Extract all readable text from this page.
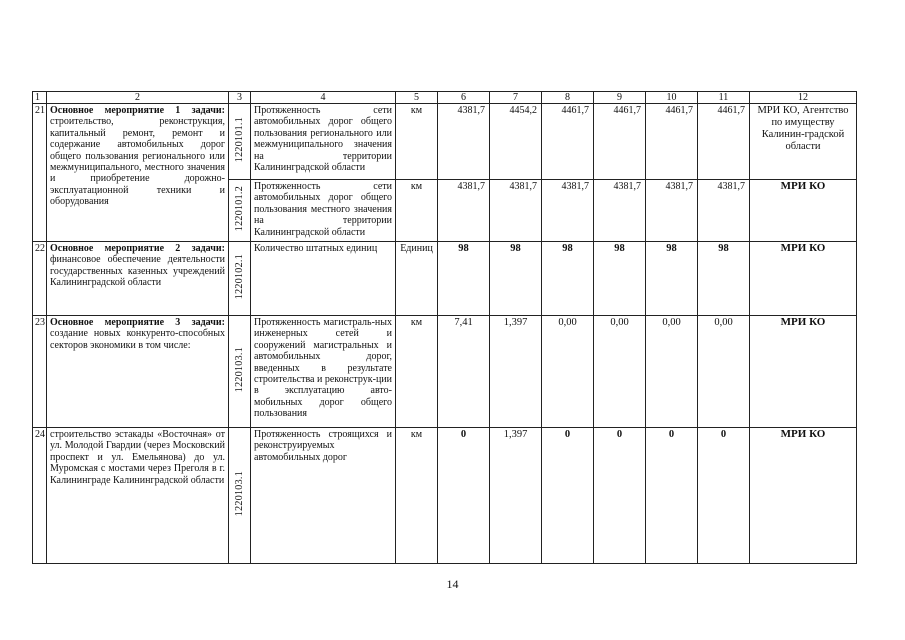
1	2	3	4	5	6	7	8	9	10	11	12
21	Основное мероприятие 1 задачи: строительство, реконструкция, капитальный ремонт, ремонт и содержание автомобильных дорог общего пользования регионального или межмуниципального, местного значения и приобретение дорожно-эксплуатационной техники и оборудования	1220101.1	Протяженность сети автомобильных дорог общего пользования регионального или межмуниципального значения на территории Калининградской области	км	4381,7	4454,2	4461,7	4461,7	4461,7	4461,7	МРИ КО, Агентство по имуществу Калинин-градской области
		1220101.2	Протяженность сети автомобильных дорог общего пользования местного значения на территории Калининградской области	км	4381,7	4381,7	4381,7	4381,7	4381,7	4381,7	МРИ КО
22	Основное мероприятие 2 задачи: финансовое обеспечение деятельности государственных казенных учреждений Калининградской области	1220102.1	Количество штатных единиц	Единиц	98	98	98	98	98	98	МРИ КО
23	Основное мероприятие 3 задачи: создание новых конкуренто-способных секторов экономики в том числе:	1220103.1	Протяженность магистраль-ных инженерных сетей и сооружений магистральных и автомобильных дорог, введенных в результате строительства и реконструк-ции в эксплуатацию авто-мобильных дорог общего пользования	км	7,41	1,397	0,00	0,00	0,00	0,00	МРИ КО
24	строительство эстакады «Восточная» от ул. Молодой Гвардии (через Московский проспект и ул. Емельянова) до ул. Муромская с мостами через Преголя в г. Калининграде Калининградской области	1220103.1	Протяженность строящихся и реконструируемых автомобильных дорог	км	0	1,397	0	0	0	0	МРИ КО
14
